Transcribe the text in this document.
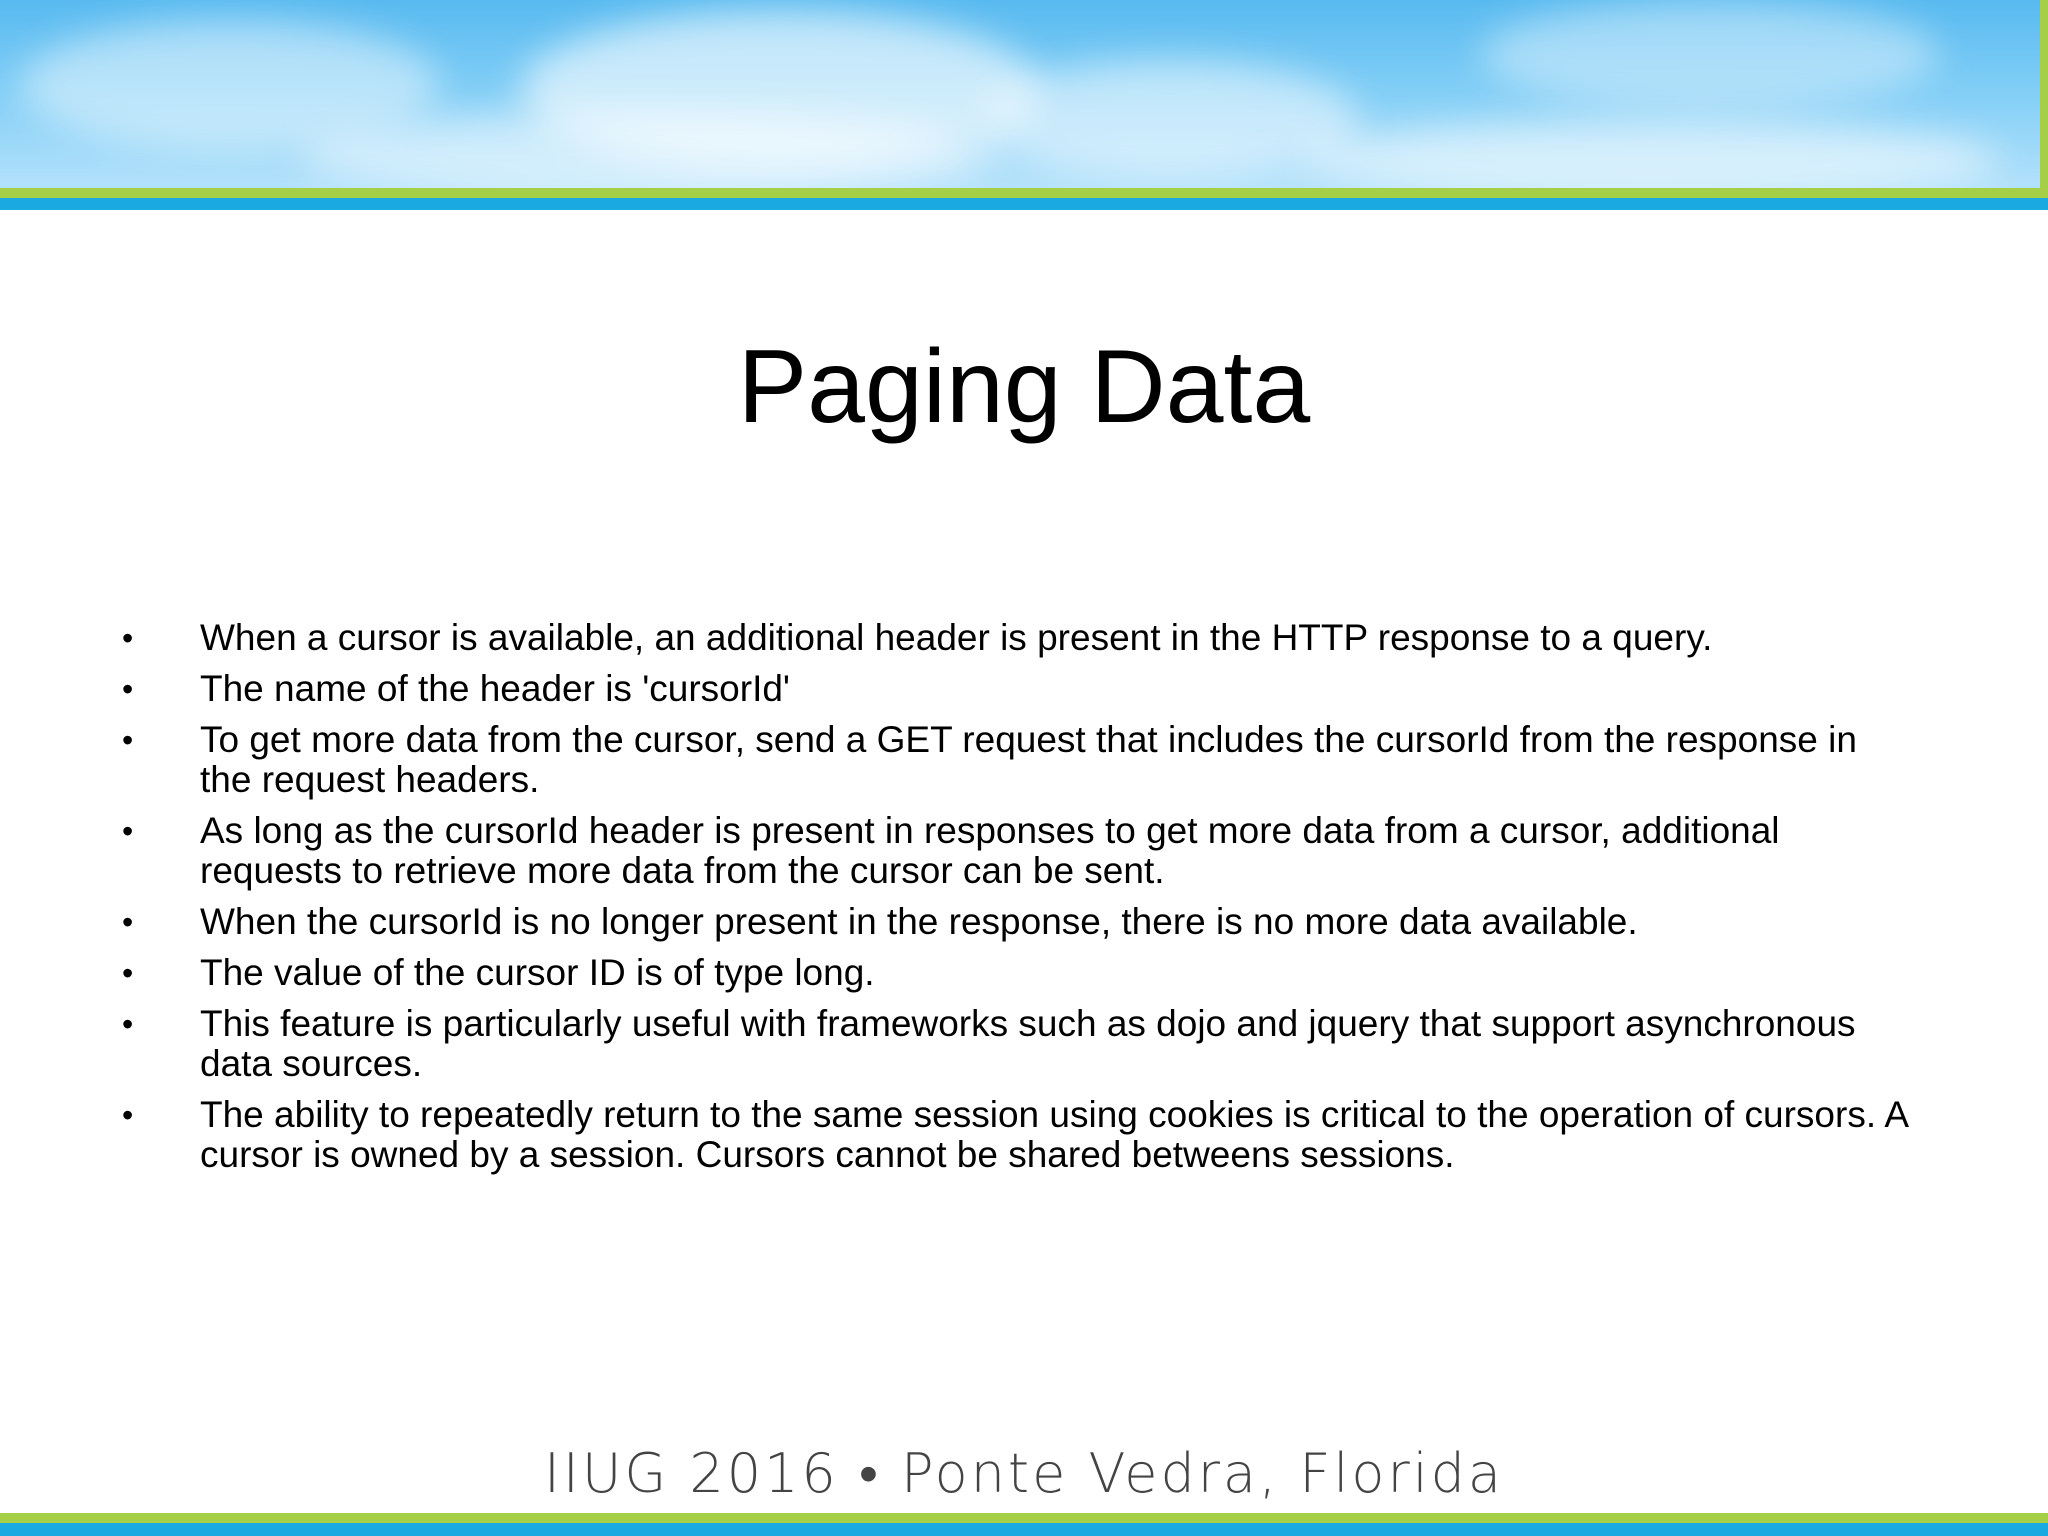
Paging Data
• When a cursor is available, an additional header is present in the HTTP response to a query.
• The name of the header is 'cursorId'
• To get more data from the cursor, send a GET request that includes the cursorId from the response in the request headers.
• As long as the cursorId header is present in responses to get more data from a cursor, additional requests to retrieve more data from the cursor can be sent.
• When the cursorId is no longer present in the response, there is no more data available.
• The value of the cursor ID is of type long.
• This feature is particularly useful with frameworks such as dojo and jquery that support asynchronous data sources.
• The ability to repeatedly return to the same session using cookies is critical to the operation of cursors. A cursor is owned by a session. Cursors cannot be shared betweens sessions.
IIUG 2016 • Ponte Vedra, Florida
